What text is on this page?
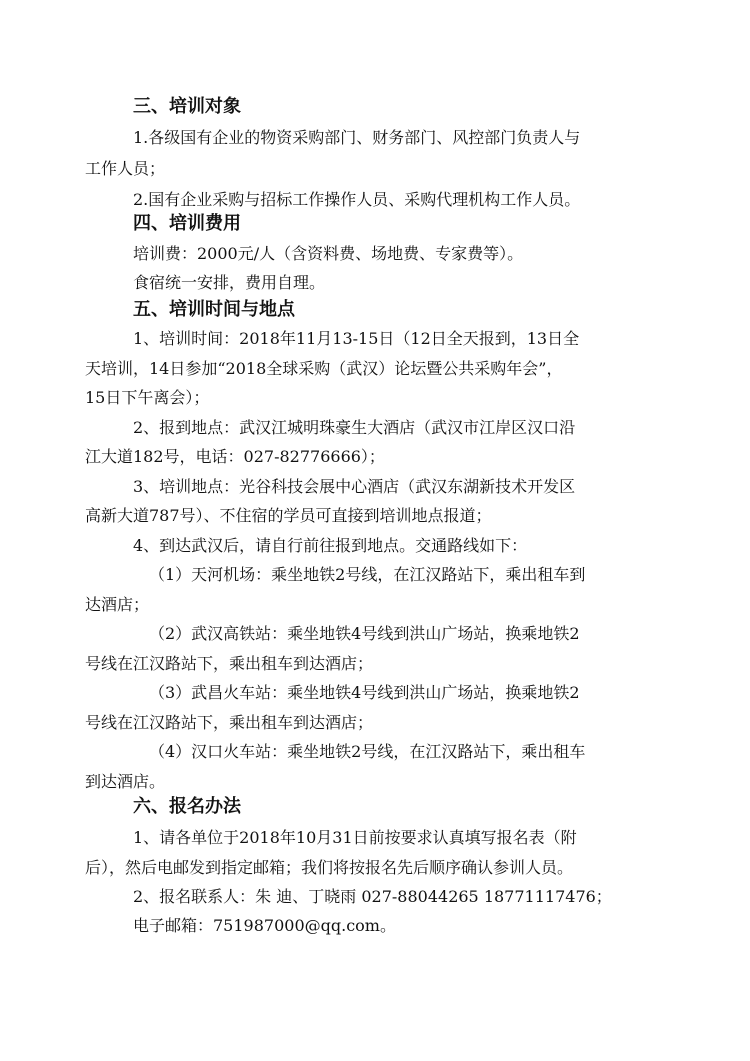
三、培训对象
1.各级国有企业的物资采购部门、财务部门、风控部门负责人与
工作人员；
2.国有企业采购与招标工作操作人员、采购代理机构工作人员。
四、培训费用
培训费：2000元/人（含资料费、场地费、专家费等）。
食宿统一安排，费用自理。
五、培训时间与地点
1、培训时间：2018年11月13-15日（12日全天报到，13日全
天培训，14日参加“2018全球采购（武汉）论坛暨公共采购年会”，
15日下午离会）；
2、报到地点：武汉江城明珠豪生大酒店（武汉市江岸区汉口沿
江大道182号，电话：027-82776666）；
3、培训地点：光谷科技会展中心酒店（武汉东湖新技术开发区
高新大道787号）、不住宿的学员可直接到培训地点报道；
4、到达武汉后，请自行前往报到地点。交通路线如下：
（1）天河机场：乘坐地铁2号线，在江汉路站下，乘出租车到
达酒店；
（2）武汉高铁站：乘坐地铁4号线到洪山广场站，换乘地铁2
号线在江汉路站下，乘出租车到达酒店；
（3）武昌火车站：乘坐地铁4号线到洪山广场站，换乘地铁2
号线在江汉路站下，乘出租车到达酒店；
（4）汉口火车站：乘坐地铁2号线，在江汉路站下，乘出租车
到达酒店。
六、报名办法
1、请各单位于2018年10月31日前按要求认真填写报名表（附
后），然后电邮发到指定邮箱；我们将按报名先后顺序确认参训人员。
2、报名联系人：朱 迪、丁晓雨 027-88044265 18771117476；
电子邮箱：751987000@qq.com。
